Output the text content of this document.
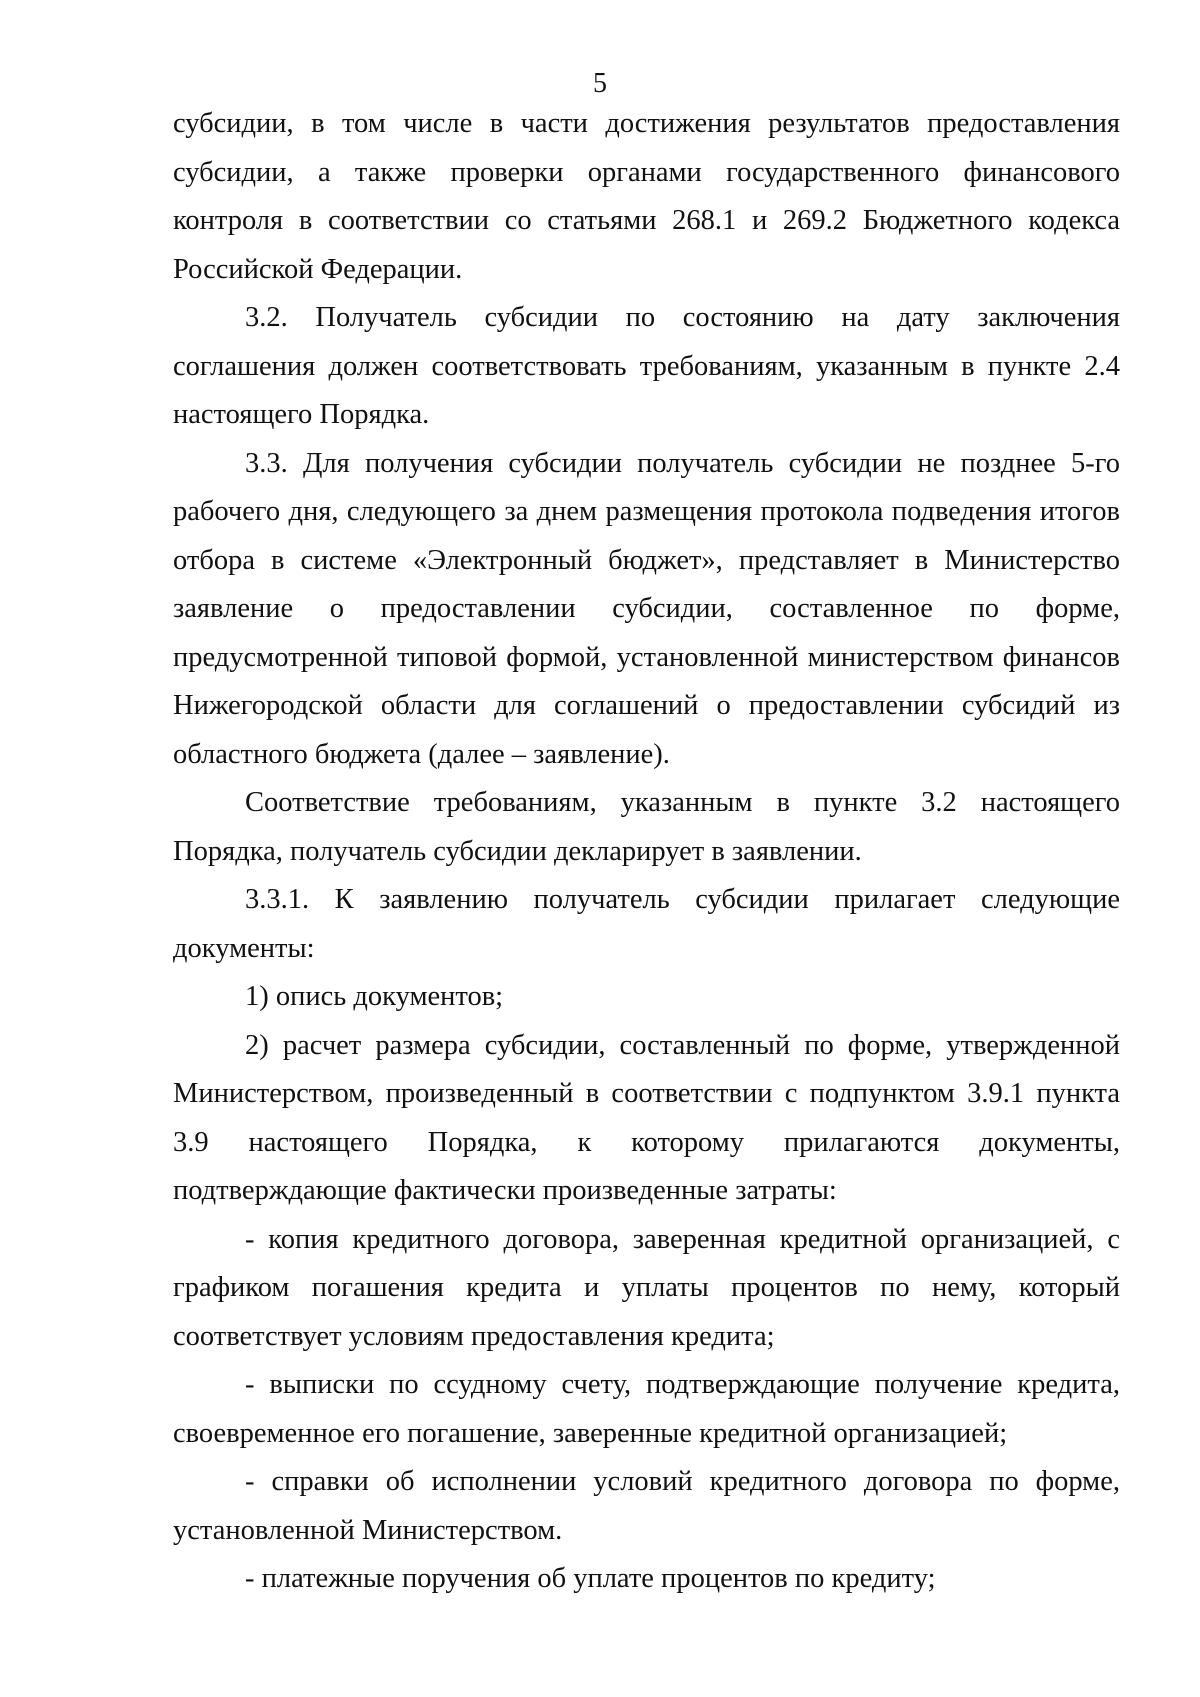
5

субсидии, в том числе в части достижения результатов предоставления субсидии, а также проверки органами государственного финансового контроля в соответствии со статьями 268.1 и 269.2 Бюджетного кодекса Российской Федерации.

3.2. Получатель субсидии по состоянию на дату заключения соглашения должен соответствовать требованиям, указанным в пункте 2.4 настоящего Порядка.

3.3. Для получения субсидии получатель субсидии не позднее 5-го рабочего дня, следующего за днем размещения протокола подведения итогов отбора в системе «Электронный бюджет», представляет в Министерство заявление о предоставлении субсидии, составленное по форме, предусмотренной типовой формой, установленной министерством финансов Нижегородской области для соглашений о предоставлении субсидий из областного бюджета (далее – заявление).

Соответствие требованиям, указанным в пункте 3.2 настоящего Порядка, получатель субсидии декларирует в заявлении.

3.3.1. К заявлению получатель субсидии прилагает следующие документы:

1) опись документов;

2) расчет размера субсидии, составленный по форме, утвержденной Министерством, произведенный в соответствии с подпунктом 3.9.1 пункта 3.9 настоящего Порядка, к которому прилагаются документы, подтверждающие фактически произведенные затраты:

- копия кредитного договора, заверенная кредитной организацией, с графиком погашения кредита и уплаты процентов по нему, который соответствует условиям предоставления кредита;

- выписки по ссудному счету, подтверждающие получение кредита, своевременное его погашение, заверенные кредитной организацией;

- справки об исполнении условий кредитного договора по форме, установленной Министерством.

- платежные поручения об уплате процентов по кредиту;
